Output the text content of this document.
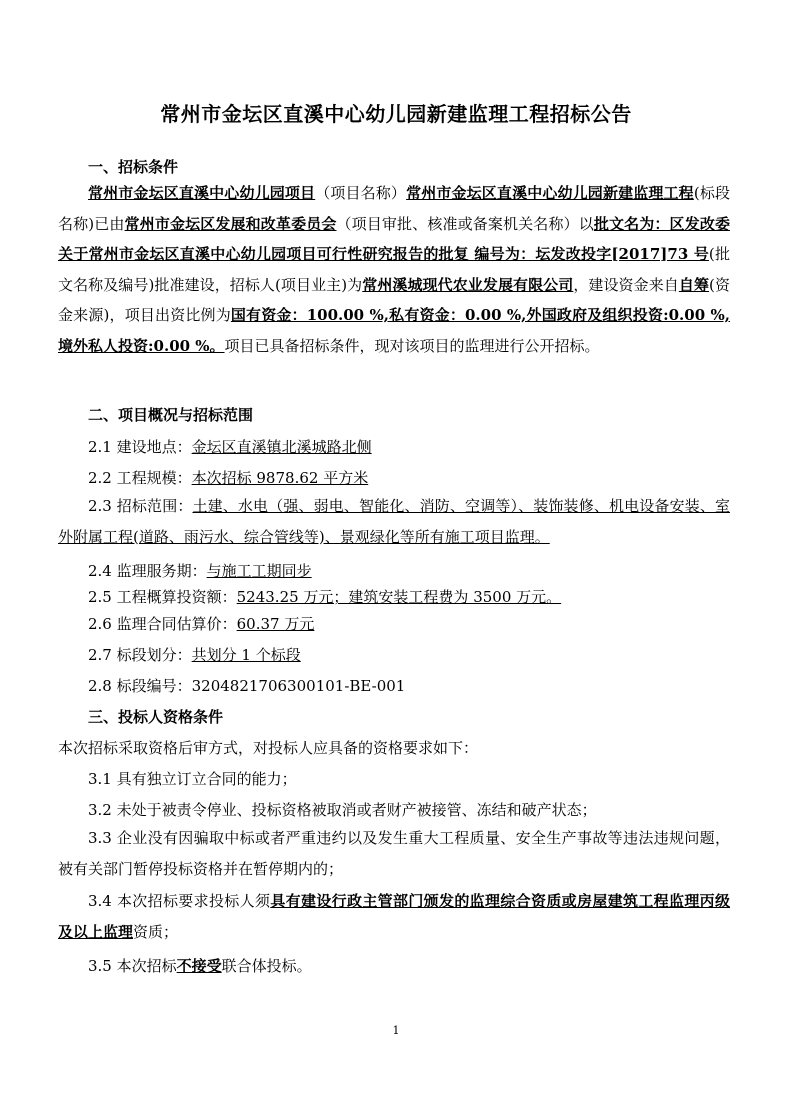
常州市金坛区直溪中心幼儿园新建监理工程招标公告
一、招标条件
常州市金坛区直溪中心幼儿园项目（项目名称）常州市金坛区直溪中心幼儿园新建监理工程(标段名称)已由常州市金坛区发展和改革委员会（项目审批、核准或备案机关名称）以批文名为：区发改委关于常州市金坛区直溪中心幼儿园项目可行性研究报告的批复 编号为：坛发改投字[2017]73 号(批文名称及编号)批准建设，招标人(项目业主)为常州溪城现代农业发展有限公司，建设资金来自自筹(资金来源)，项目出资比例为国有资金：100.00 %,私有资金：0.00 %,外国政府及组织投资:0.00 %,境外私人投资:0.00 %。项目已具备招标条件，现对该项目的监理进行公开招标。
二、项目概况与招标范围
2.1 建设地点：金坛区直溪镇北溪城路北侧
2.2 工程规模：本次招标 9878.62 平方米
2.3 招标范围：土建、水电（强、弱电、智能化、消防、空调等）、装饰装修、机电设备安装、室外附属工程(道路、雨污水、综合管线等)、景观绿化等所有施工项目监理。
2.4 监理服务期：与施工工期同步
2.5 工程概算投资额：5243.25 万元；建筑安装工程费为 3500 万元。
2.6 监理合同估算价：60.37 万元
2.7 标段划分：共划分 1 个标段
2.8 标段编号：3204821706300101-BE-001
三、投标人资格条件
本次招标采取资格后审方式，对投标人应具备的资格要求如下：
3.1 具有独立订立合同的能力；
3.2 未处于被责令停业、投标资格被取消或者财产被接管、冻结和破产状态；
3.3 企业没有因骗取中标或者严重违约以及发生重大工程质量、安全生产事故等违法违规问题，被有关部门暂停投标资格并在暂停期内的；
3.4 本次招标要求投标人须具有建设行政主管部门颁发的监理综合资质或房屋建筑工程监理丙级及以上监理资质；
3.5 本次招标不接受联合体投标。
1
